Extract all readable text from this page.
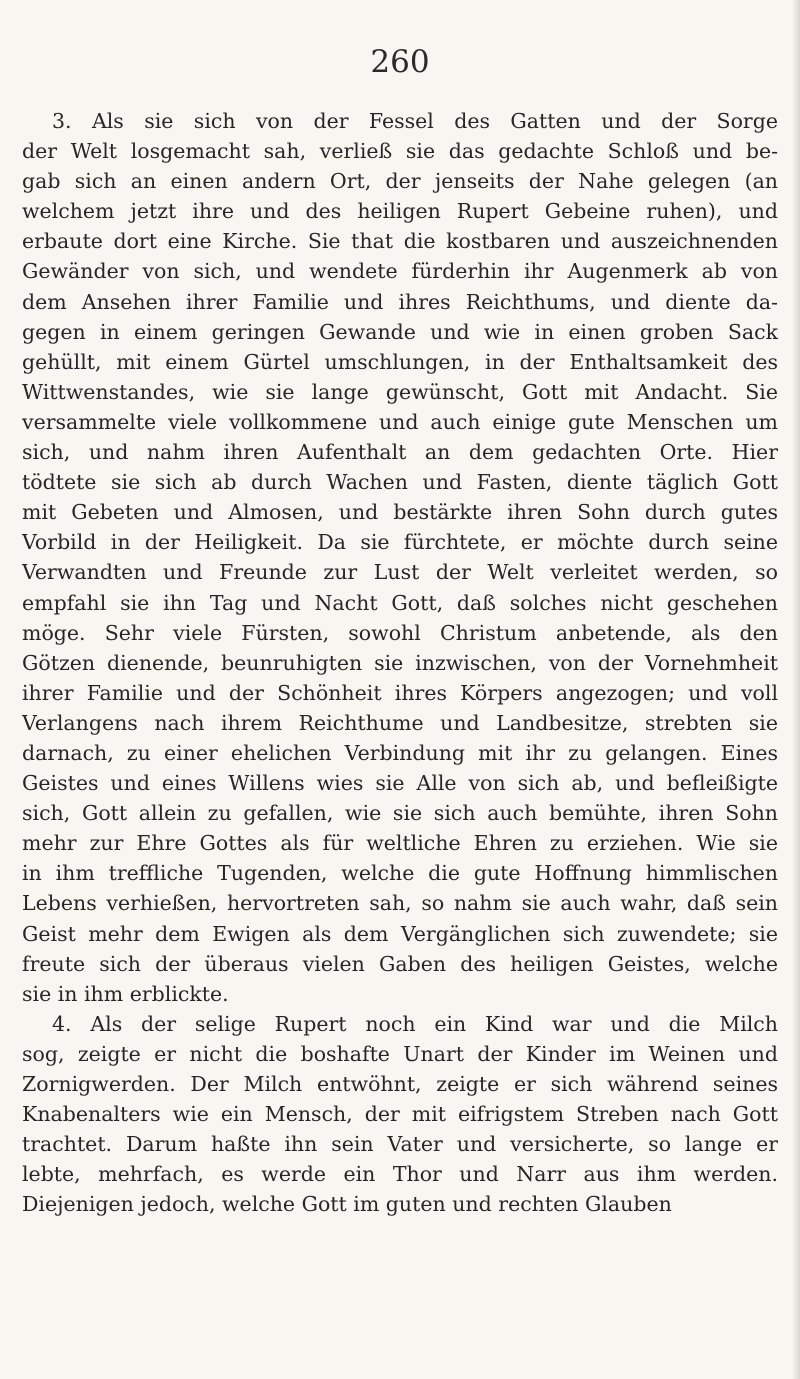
260

3. Als sie sich von der Fessel des Gatten und der Sorge
der Welt losgemacht sah, verließ sie das gedachte Schloß und be-
gab sich an einen andern Ort, der jenseits der Nahe gelegen (an
welchem jetzt ihre und des heiligen Rupert Gebeine ruhen), und
erbaute dort eine Kirche. Sie that die kostbaren und auszeichnenden
Gewänder von sich, und wendete fürderhin ihr Augenmerk ab von
dem Ansehen ihrer Familie und ihres Reichthums, und diente da-
gegen in einem geringen Gewande und wie in einen groben Sack
gehüllt, mit einem Gürtel umschlungen, in der Enthaltsamkeit des
Wittwenstandes, wie sie lange gewünscht, Gott mit Andacht. Sie
versammelte viele vollkommene und auch einige gute Menschen um
sich, und nahm ihren Aufenthalt an dem gedachten Orte. Hier
tödtete sie sich ab durch Wachen und Fasten, diente täglich Gott
mit Gebeten und Almosen, und bestärkte ihren Sohn durch gutes
Vorbild in der Heiligkeit. Da sie fürchtete, er möchte durch seine
Verwandten und Freunde zur Lust der Welt verleitet werden, so
empfahl sie ihn Tag und Nacht Gott, daß solches nicht geschehen
möge. Sehr viele Fürsten, sowohl Christum anbetende, als den
Götzen dienende, beunruhigten sie inzwischen, von der Vornehmheit
ihrer Familie und der Schönheit ihres Körpers angezogen; und voll
Verlangens nach ihrem Reichthume und Landbesitze, strebten sie
darnach, zu einer ehelichen Verbindung mit ihr zu gelangen. Eines
Geistes und eines Willens wies sie Alle von sich ab, und befleißigte
sich, Gott allein zu gefallen, wie sie sich auch bemühte, ihren Sohn
mehr zur Ehre Gottes als für weltliche Ehren zu erziehen. Wie sie
in ihm treffliche Tugenden, welche die gute Hoffnung himmlischen
Lebens verhießen, hervortreten sah, so nahm sie auch wahr, daß sein
Geist mehr dem Ewigen als dem Vergänglichen sich zuwendete; sie
freute sich der überaus vielen Gaben des heiligen Geistes, welche
sie in ihm erblickte.
4. Als der selige Rupert noch ein Kind war und die Milch
sog, zeigte er nicht die boshafte Unart der Kinder im Weinen und
Zornigwerden. Der Milch entwöhnt, zeigte er sich während seines
Knabenalters wie ein Mensch, der mit eifrigstem Streben nach Gott
trachtet. Darum haßte ihn sein Vater und versicherte, so lange er
lebte, mehrfach, es werde ein Thor und Narr aus ihm werden.
Diejenigen jedoch, welche Gott im guten und rechten Glauben
